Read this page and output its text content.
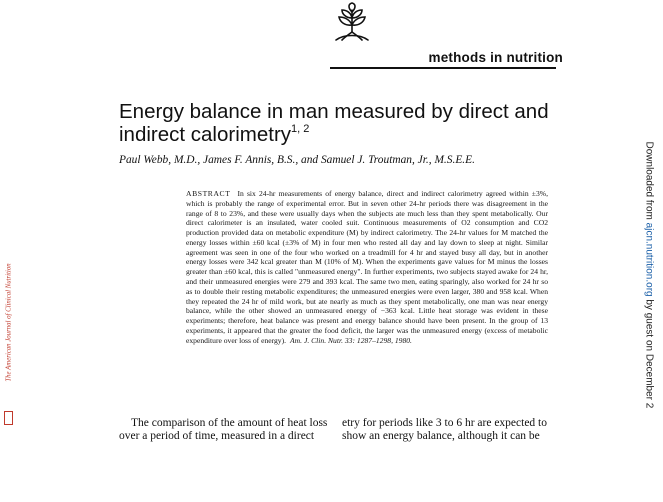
methods in nutrition
Energy balance in man measured by direct and indirect calorimetry$^{1, 2}$
Paul Webb, M.D., James F. Annis, B.S., and Samuel J. Troutman, Jr., M.S.E.E.
ABSTRACT In six 24-hr measurements of energy balance, direct and indirect calorimetry agreed within ±3%, which is probably the range of experimental error. But in seven other 24-hr periods there was disagreement in the range of 8 to 23%, and these were usually days when the subjects ate much less than they spent metabolically. Our direct calorimeter is an insulated, water cooled suit. Continuous measurements of O2 consumption and CO2 production provided data on metabolic expenditure (M) by indirect calorimetry. The 24-hr values for M matched the energy losses within ±60 kcal (±3% of M) in four men who rested all day and lay down to sleep at night. Similar agreement was seen in one of the four who worked on a treadmill for 4 hr and stayed busy all day, but in another energy losses were 342 kcal greater than M (10% of M). When the experiments gave values for M minus the losses greater than ±60 kcal, this is called "unmeasured energy". In further experiments, two subjects stayed awake for 24 hr, and their unmeasured energies were 279 and 393 kcal. The same two men, eating sparingly, also worked for 24 hr so as to double their resting metabolic expenditures; the unmeasured energies were even larger, 380 and 958 kcal. When they repeated the 24 hr of mild work, but ate nearly as much as they spent metabolically, one man was near energy balance, while the other showed an unmeasured energy of −363 kcal. Little heat storage was evident in these experiments; therefore, heat balance was present and energy balance should have been present. In the group of 13 experiments, it appeared that the greater the food deficit, the larger was the unmeasured energy (excess of metabolic expenditure over loss of energy). Am. J. Clin. Nutr. 33: 1287–1298, 1980.
The comparison of the amount of heat loss over a period of time, measured in a direct
etry for periods like 3 to 6 hr are expected to show an energy balance, although it can be
The American Journal of Clinical Nutrition
Downloaded from ajcn.nutrition.org by guest on December 2
